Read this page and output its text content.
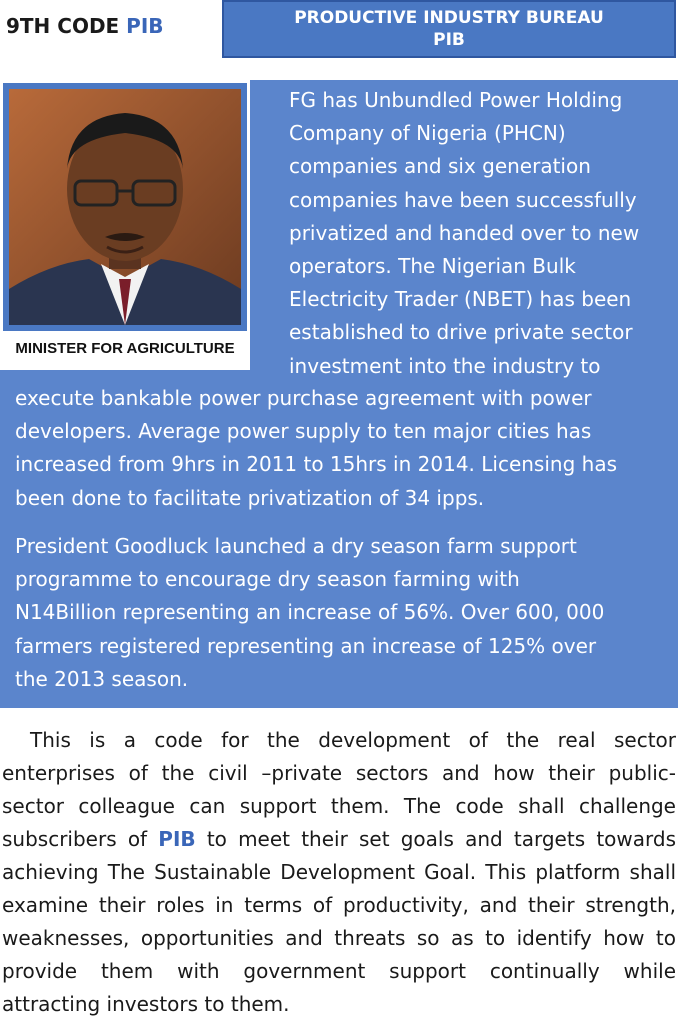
9TH CODE PIB	PRODUCTIVE INDUSTRY BUREAU
PIB
MINISTER FOR AGRICULTURE
FG has Unbundled Power Holding
Company of Nigeria (PHCN)
companies and six generation
companies have been successfully
privatized and handed over to new
operators. The Nigerian Bulk
Electricity Trader (NBET) has been
established to drive private sector
investment into the industry to
execute bankable power purchase agreement with power
developers. Average power supply to ten major cities has
increased from 9hrs in 2011 to 15hrs in 2014. Licensing has
been done to facilitate privatization of 34 ipps.
President Goodluck launched a dry season farm support
programme to encourage dry season farming with
N14Billion representing an increase of 56%. Over 600, 000
farmers registered representing an increase of 125% over
the 2013 season.
This is a code for the development of the real sector
enterprises of the civil –private sectors and how their public-
sector colleague can support them. The code shall challenge
subscribers of PIB to meet their set goals and targets towards
achieving The Sustainable Development Goal. This platform shall
examine their roles in terms of productivity, and their strength,
weaknesses, opportunities and threats so as to identify how to
provide them with government support continually while
attracting investors to them.
